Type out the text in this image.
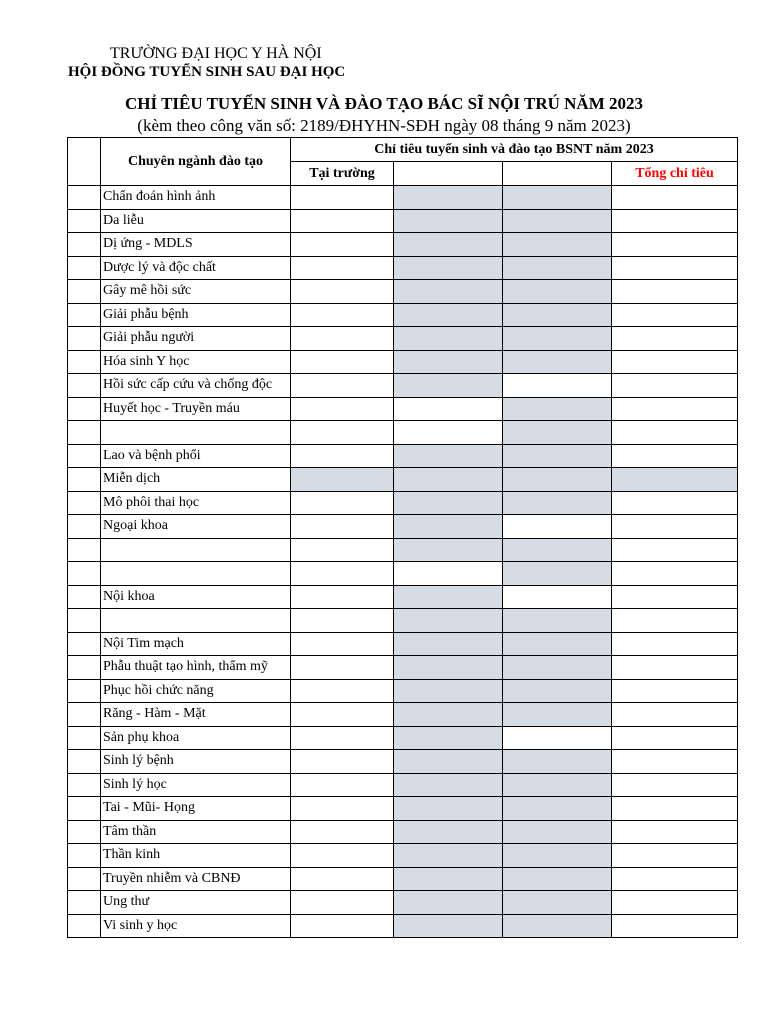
TRƯỜNG ĐẠI HỌC Y HÀ NỘI
HỘI ĐỒNG TUYỂN SINH SAU ĐẠI HỌC
CHỈ TIÊU TUYỂN SINH VÀ ĐÀO TẠO BÁC SĨ NỘI TRÚ NĂM 2023
(kèm theo công văn số: 2189/ĐHYHN-SĐH ngày 08 tháng 9 năm 2023)
	Chuyên ngành đào tạo	Chỉ tiêu tuyển sinh và đào tạo BSNT năm 2023			
		Tại trường			Tổng chỉ tiêu
	Chẩn đoán hình ảnh				
	Da liễu				
	Dị ứng - MDLS				
	Dược lý và độc chất				
	Gây mê hồi sức				
	Giải phẫu bệnh				
	Giải phẫu người				
	Hóa sinh Y học				
	Hồi sức cấp cứu và chống độc				
	Huyết học - Truyền máu				

	Lao và bệnh phổi				
	Miễn dịch				
	Mô phôi thai học				
	Ngoại khoa				

	Nội khoa				

	Nội Tim mạch				
	Phẫu thuật tạo hình, thẩm mỹ				
	Phục hồi chức năng				
	Răng - Hàm - Mặt				
	Sản phụ khoa				
	Sinh lý bệnh				
	Sinh lý học				
	Tai - Mũi- Họng				
	Tâm thần				
	Thần kinh				
	Truyền nhiễm và CBNĐ				
	Ung thư				
	Vi sinh y học				
